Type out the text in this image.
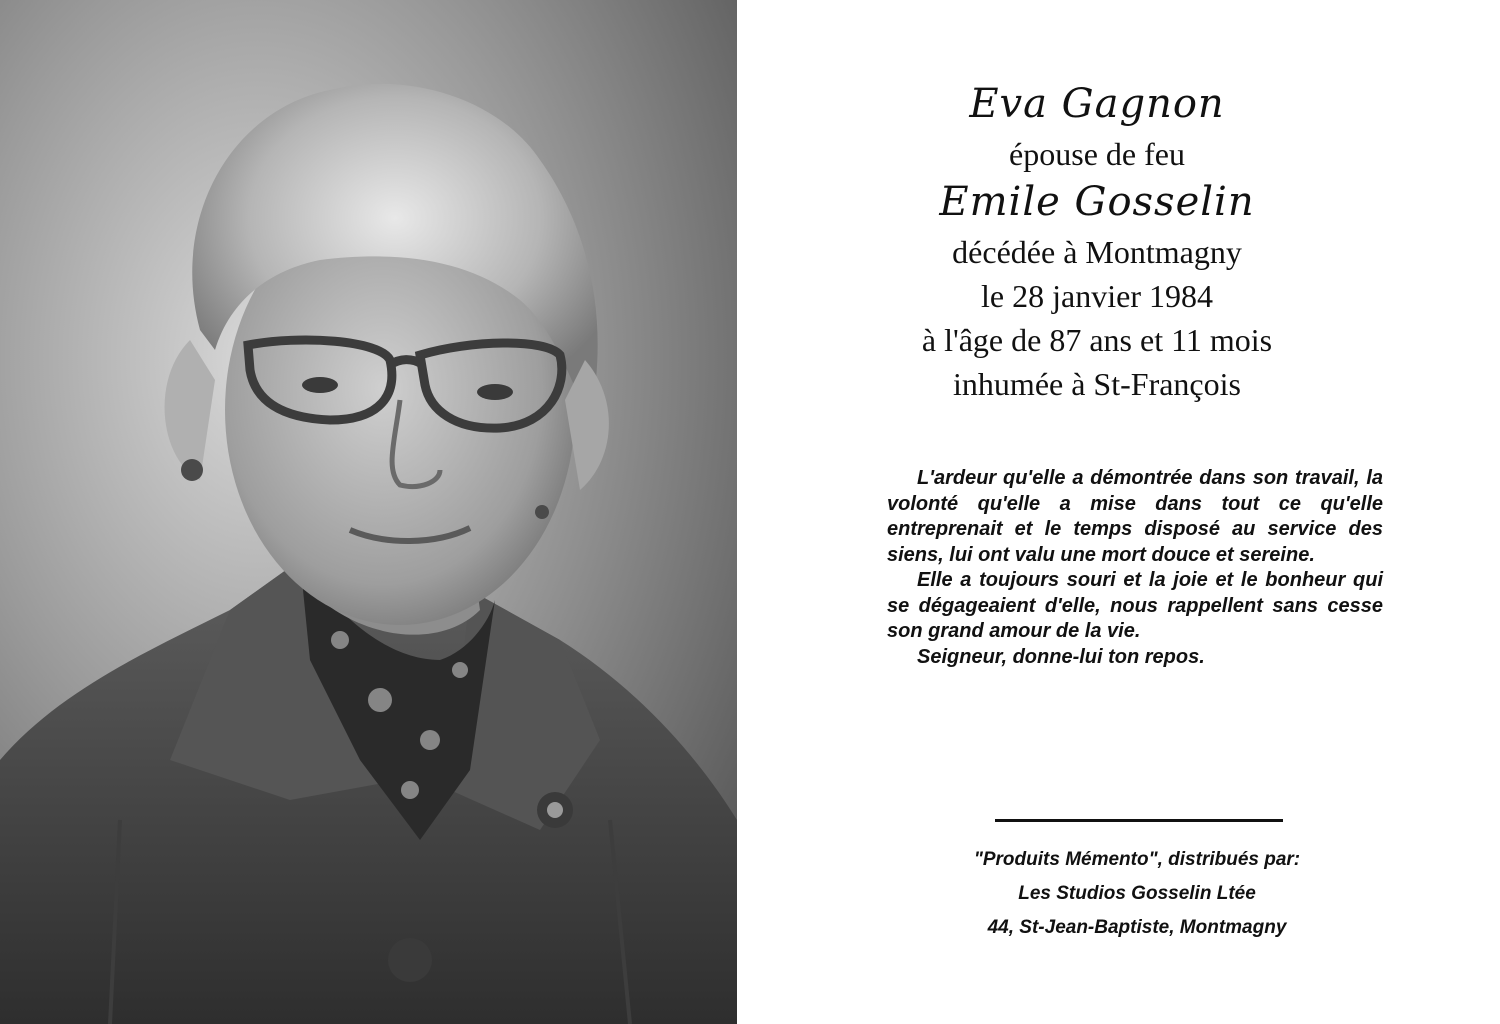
Eva Gagnon
épouse de feu
Emile Gosselin
décédée à Montmagny
le 28 janvier 1984
à l'âge de 87 ans et 11 mois
inhumée à St-François

L'ardeur qu'elle a démontrée dans son travail, la volonté qu'elle a mise dans tout ce qu'elle entreprenait et le temps disposé au service des siens, lui ont valu une mort douce et sereine.

Elle a toujours souri et la joie et le bonheur qui se dégageaient d'elle, nous rappellent sans cesse son grand amour de la vie.

Seigneur, donne-lui ton repos.
"Produits Mémento", distribués par:
Les Studios Gosselin Ltée
44, St-Jean-Baptiste, Montmagny
